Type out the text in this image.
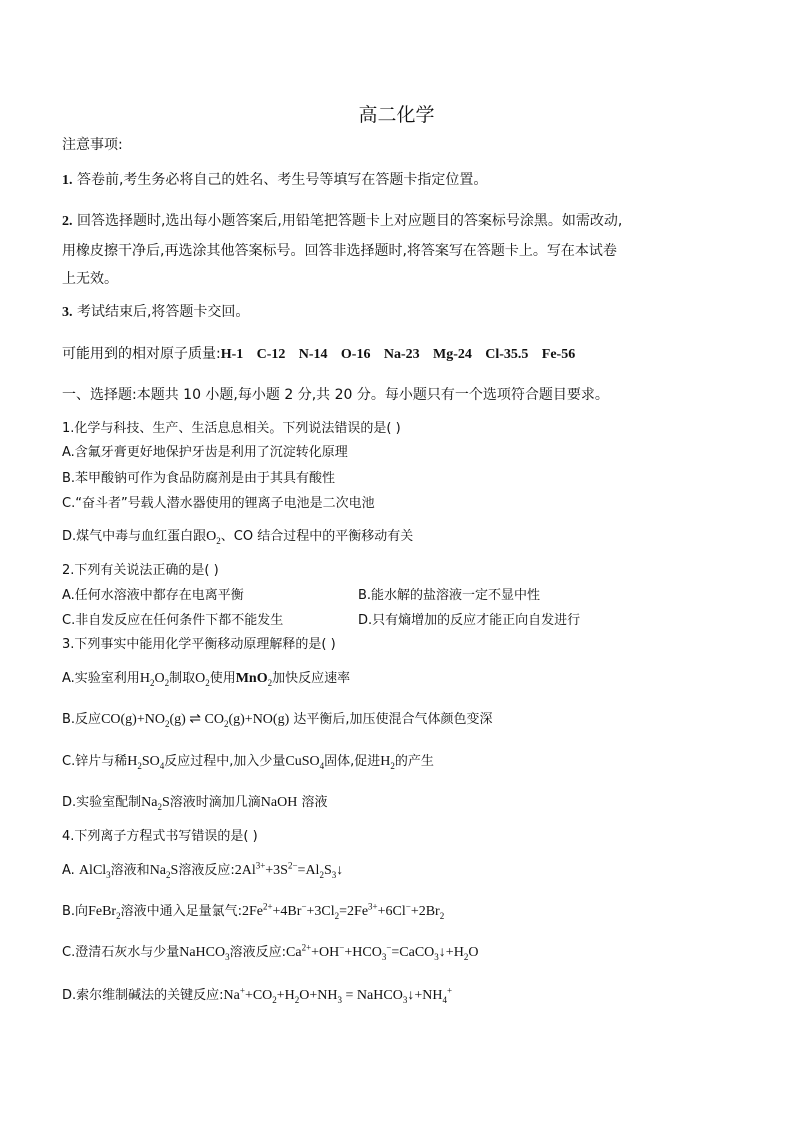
高二化学
注意事项:
1. 答卷前,考生务必将自己的姓名、考生号等填写在答题卡指定位置。
2. 回答选择题时,选出每小题答案后,用铅笔把答题卡上对应题目的答案标号涂黑。如需改动,
用橡皮擦干净后,再选涂其他答案标号。回答非选择题时,将答案写在答题卡上。写在本试卷
上无效。
3. 考试结束后,将答题卡交回。
可能用到的相对原子质量:H-1 C-12 N-14 O-16 Na-23 Mg-24 Cl-35.5 Fe-56
一、选择题:本题共 10 小题,每小题 2 分,共 20 分。每小题只有一个选项符合题目要求。
1.化学与科技、生产、生活息息相关。下列说法错误的是( )
A.含氟牙膏更好地保护牙齿是利用了沉淀转化原理
B.苯甲酸钠可作为食品防腐剂是由于其具有酸性
C.“奋斗者”号载人潜水器使用的锂离子电池是二次电池
D.煤气中毒与血红蛋白跟$O_2$、CO 结合过程中的平衡移动有关
2.下列有关说法正确的是( )
A.任何水溶液中都存在电离平衡	B.能水解的盐溶液一定不显中性
C.非自发反应在任何条件下都不能发生	D.只有熵增加的反应才能正向自发进行
3.下列事实中能用化学平衡移动原理解释的是( )
A.实验室利用$H_2O_2$制取$O_2$使用MnO$_2$加快反应速率
B.反应$CO(g)+NO_2(g)$ ⇌ $CO_2(g)+NO(g)$ 达平衡后,加压使混合气体颜色变深
C.锌片与稀$H_2SO_4$反应过程中,加入少量CuSO$_4$固体,促进$H_2$的产生
D.实验室配制$Na_2S$溶液时滴加几滴NaOH 溶液
4.下列离子方程式书写错误的是( )
A. AlCl$_3$溶液和$Na_2S$溶液反应$:2Al^{3+}+3S^{2-}=Al_2S_3↓$
B.向FeBr$_2$溶液中通入足量氯气$:2Fe^{2+}+4Br^-+3Cl_2=2Fe^{3+}+6Cl^-+2Br_2$
C.澄清石灰水与少量NaHCO$_3$溶液反应$:Ca^{2+}+OH^-+HCO_3^-=CaCO_3↓+H_2O$
D.索尔维制碱法的关键反应$:Na^++CO_2+H_2O+NH_3$ = $NaHCO_3↓+NH_4^+$
